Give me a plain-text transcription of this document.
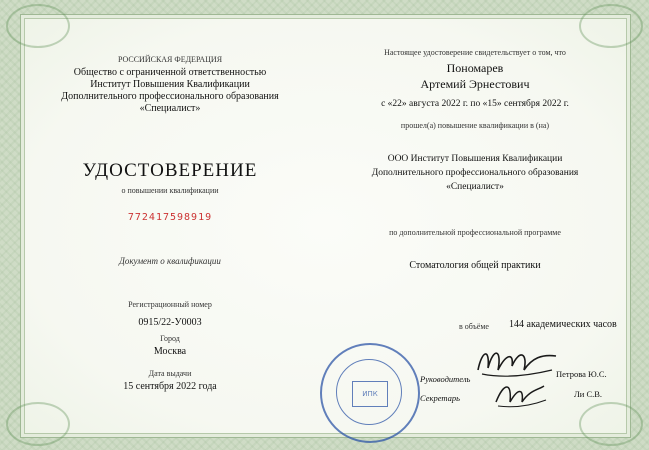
РОССИЙСКАЯ ФЕДЕРАЦИЯ
Общество с ограниченной ответственностью
Институт Повышения Квалификации
Дополнительного профессионального образования
«Специалист»
УДОСТОВЕРЕНИЕ
о повышении квалификации
772417598919
Документ о квалификации
Регистрационный номер
0915/22-У0003
Город
Москва
Дата выдачи
15 сентября 2022 года
Настоящее удостоверение свидетельствует о том, что
Пономарев
Артемий Эрнестович
с «22» августа 2022 г. по «15» сентября 2022 г.
прошел(а) повышение квалификации в (на)
ООО Институт Повышения Квалификации
Дополнительного профессионального образования
«Специалист»
по дополнительной профессиональной программе
Стоматология общей практики
в объёме 144 академических часов
Руководитель	Петрова Ю.С.
Секретарь	Ли С.В.
ИПК
